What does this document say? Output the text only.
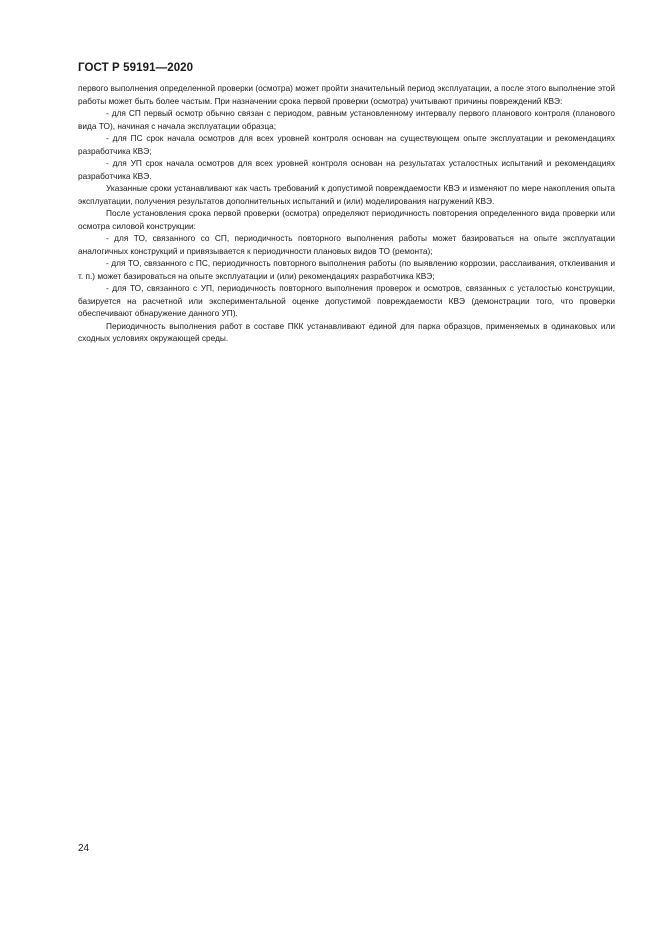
ГОСТ Р 59191—2020

первого выполнения определенной проверки (осмотра) может пройти значительный период эксплуатации, а после этого выполнение этой работы может быть более частым. При назначении срока первой проверки (осмотра) учитывают причины повреждений КВЭ:

- для СП первый осмотр обычно связан с периодом, равным установленному интервалу первого планового контроля (планового вида ТО), начиная с начала эксплуатации образца;

- для ПС срок начала осмотров для всех уровней контроля основан на существующем опыте эксплуатации и рекомендациях разработчика КВЭ;

- для УП срок начала осмотров для всех уровней контроля основан на результатах усталостных испытаний и рекомендациях разработчика КВЭ.

Указанные сроки устанавливают как часть требований к допустимой повреждаемости КВЭ и изменяют по мере накопления опыта эксплуатации, получения результатов дополнительных испытаний и (или) моделирования нагружений КВЭ.

После установления срока первой проверки (осмотра) определяют периодичность повторения определенного вида проверки или осмотра силовой конструкции:

- для ТО, связанного со СП, периодичность повторного выполнения работы может базироваться на опыте эксплуатации аналогичных конструкций и привязывается к периодичности плановых видов ТО (ремонта);

- для ТО, связанного с ПС, периодичность повторного выполнения работы (по выявлению коррозии, расслаивания, отклеивания и т. п.) может базироваться на опыте эксплуатации и (или) рекомендациях разработчика КВЭ;

- для ТО, связанного с УП, периодичность повторного выполнения проверок и осмотров, связанных с усталостью конструкции, базируется на расчетной или экспериментальной оценке допустимой повреждаемости КВЭ (демонстрации того, что проверки обеспечивают обнаружение данного УП).

Периодичность выполнения работ в составе ПКК устанавливают единой для парка образцов, применяемых в одинаковых или сходных условиях окружающей среды.

24
